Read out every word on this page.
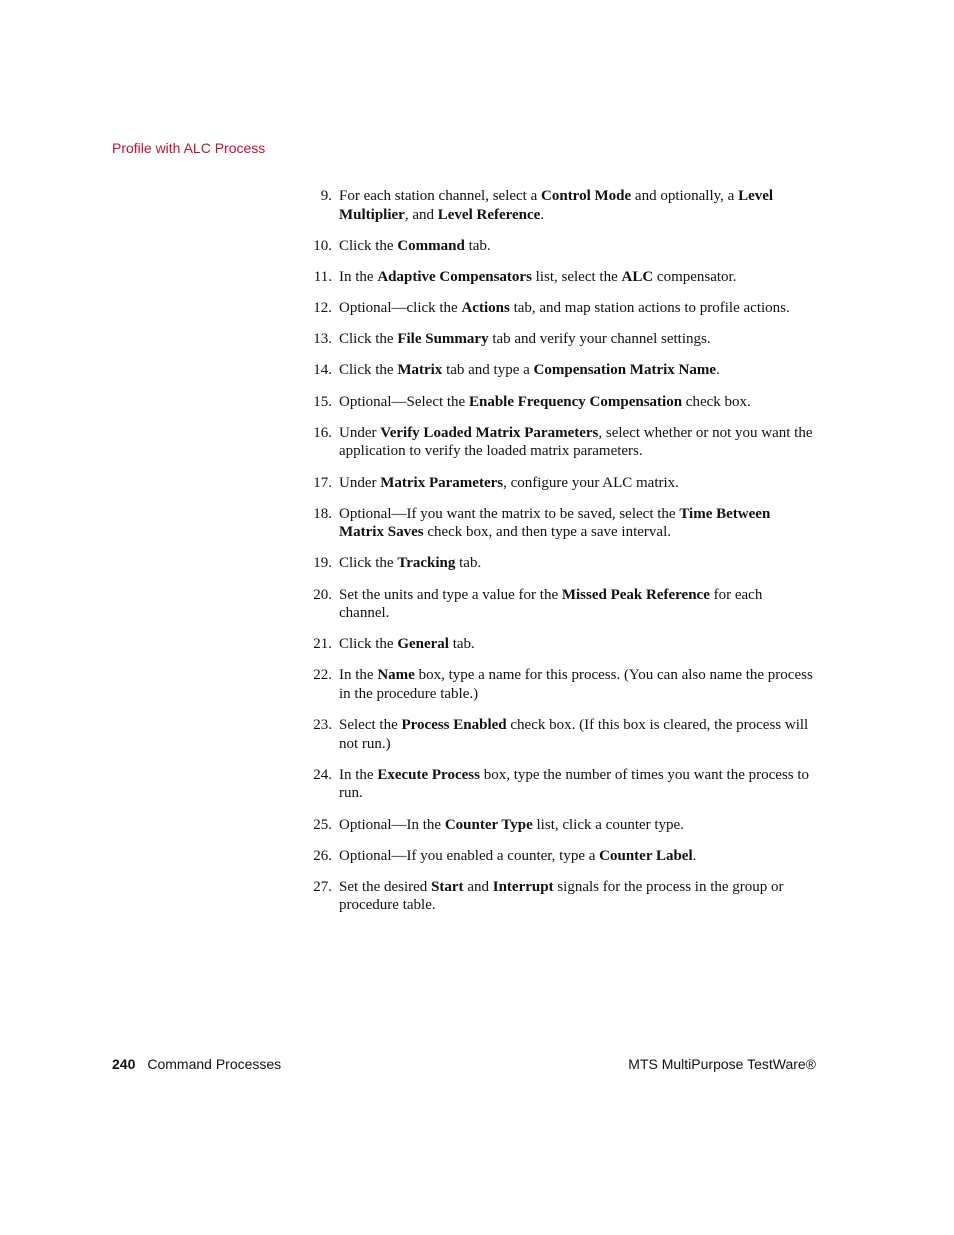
Profile with ALC Process
9. For each station channel, select a Control Mode and optionally, a Level Multiplier, and Level Reference.
10. Click the Command tab.
11. In the Adaptive Compensators list, select the ALC compensator.
12. Optional—click the Actions tab, and map station actions to profile actions.
13. Click the File Summary tab and verify your channel settings.
14. Click the Matrix tab and type a Compensation Matrix Name.
15. Optional—Select the Enable Frequency Compensation check box.
16. Under Verify Loaded Matrix Parameters, select whether or not you want the application to verify the loaded matrix parameters.
17. Under Matrix Parameters, configure your ALC matrix.
18. Optional—If you want the matrix to be saved, select the Time Between Matrix Saves check box, and then type a save interval.
19. Click the Tracking tab.
20. Set the units and type a value for the Missed Peak Reference for each channel.
21. Click the General tab.
22. In the Name box, type a name for this process. (You can also name the process in the procedure table.)
23. Select the Process Enabled check box. (If this box is cleared, the process will not run.)
24. In the Execute Process box, type the number of times you want the process to run.
25. Optional—In the Counter Type list, click a counter type.
26. Optional—If you enabled a counter, type a Counter Label.
27. Set the desired Start and Interrupt signals for the process in the group or procedure table.
240 Command Processes	MTS MultiPurpose TestWare®
